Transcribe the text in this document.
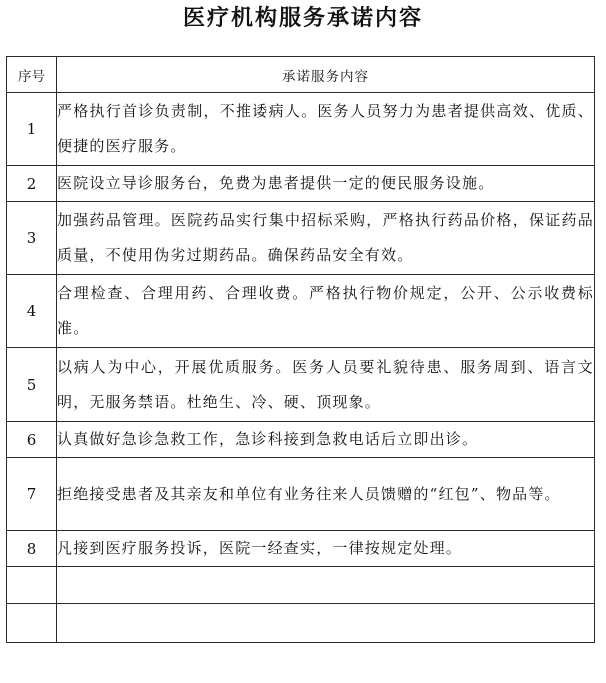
医疗机构服务承诺内容
序号	承诺服务内容
1	严格执行首诊负责制，不推诿病人。医务人员努力为患者提供高效、优质、便捷的医疗服务。
2	医院设立导诊服务台，免费为患者提供一定的便民服务设施。
3	加强药品管理。医院药品实行集中招标采购，严格执行药品价格，保证药品质量，不使用伪劣过期药品。确保药品安全有效。
4	合理检查、合理用药、合理收费。严格执行物价规定，公开、公示收费标准。
5	以病人为中心，开展优质服务。医务人员要礼貌待患、服务周到、语言文明，无服务禁语。杜绝生、冷、硬、顶现象。
6	认真做好急诊急救工作，急诊科接到急救电话后立即出诊。
7	拒绝接受患者及其亲友和单位有业务往来人员馈赠的“红包”、物品等。
8	凡接到医疗服务投诉，医院一经查实，一律按规定处理。
